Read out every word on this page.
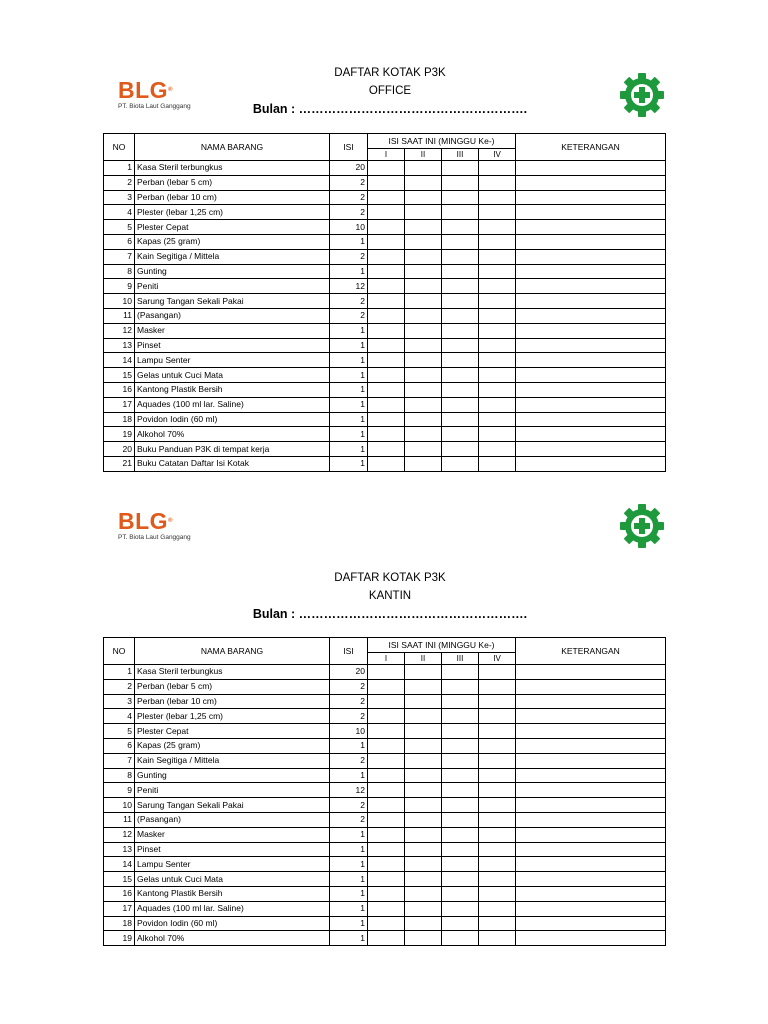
BLG®
PT. Biota Laut Ganggang
DAFTAR KOTAK P3K
OFFICE
Bulan : ……………………………………………….
NO	NAMA BARANG	ISI	ISI SAAT INI (MINGGU Ke-)				KETERANGAN
			I	II	III	IV	
1	Kasa Steril terbungkus	20					
2	Perban (lebar 5 cm)	2					
3	Perban (lebar 10 cm)	2					
4	Plester (lebar 1,25 cm)	2					
5	Plester Cepat	10					
6	Kapas (25 gram)	1					
7	Kain Segitiga / Mittela	2					
8	Gunting	1					
9	Peniti	12					
10	Sarung Tangan Sekali Pakai	2					
11	(Pasangan)	2					
12	Masker	1					
13	Pinset	1					
14	Lampu Senter	1					
15	Gelas untuk Cuci Mata	1					
16	Kantong Plastik Bersih	1					
17	Aquades (100 ml lar. Saline)	1					
18	Povidon Iodin (60 ml)	1					
19	Alkohol 70%	1					
20	Buku Panduan P3K di tempat kerja	1					
21	Buku Catatan Daftar Isi Kotak	1					
BLG®
PT. Biota Laut Ganggang
DAFTAR KOTAK P3K
KANTIN
Bulan : ……………………………………………….
NO	NAMA BARANG	ISI	ISI SAAT INI (MINGGU Ke-)				KETERANGAN
			I	II	III	IV	
1	Kasa Steril terbungkus	20					
2	Perban (lebar 5 cm)	2					
3	Perban (lebar 10 cm)	2					
4	Plester (lebar 1,25 cm)	2					
5	Plester Cepat	10					
6	Kapas (25 gram)	1					
7	Kain Segitiga / Mittela	2					
8	Gunting	1					
9	Peniti	12					
10	Sarung Tangan Sekali Pakai	2					
11	(Pasangan)	2					
12	Masker	1					
13	Pinset	1					
14	Lampu Senter	1					
15	Gelas untuk Cuci Mata	1					
16	Kantong Plastik Bersih	1					
17	Aquades (100 ml lar. Saline)	1					
18	Povidon Iodin (60 ml)	1					
19	Alkohol 70%	1					
